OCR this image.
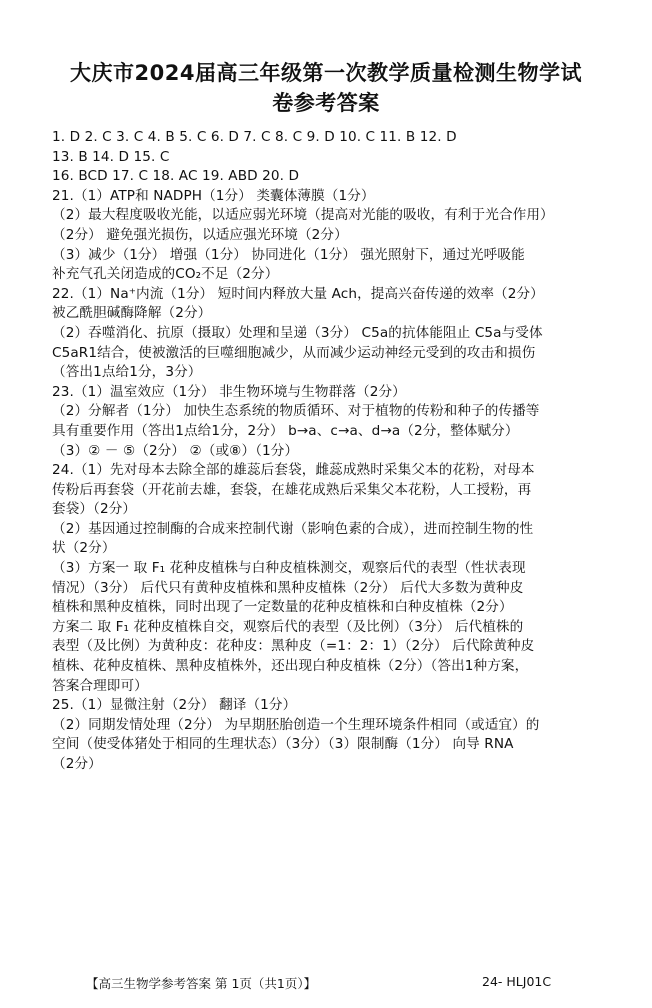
大庆市2024届高三年级第一次教学质量检测生物学试
卷参考答案
1. D 2. C 3. C 4. B 5. C 6. D 7. C 8. C 9. D 10. C 11. B 12. D
13. B 14. D 15. C
16. BCD 17. C 18. AC 19. ABD 20. D
21.（1）ATP和 NADPH（1分） 类囊体薄膜（1分）
（2）最大程度吸收光能，以适应弱光环境（提高对光能的吸收，有利于光合作用）
（2分） 避免强光损伤，以适应强光环境（2分）
（3）减少（1分） 增强（1分） 协同进化（1分） 强光照射下，通过光呼吸能
补充气孔关闭造成的CO₂不足（2分）
22.（1）Na⁺内流（1分） 短时间内释放大量 Ach，提高兴奋传递的效率（2分）
被乙酰胆碱酶降解（2分）
（2）吞噬消化、抗原（摄取）处理和呈递（3分） C5a的抗体能阻止 C5a与受体
C5aR1结合，使被激活的巨噬细胞减少，从而减少运动神经元受到的攻击和损伤
（答出1点给1分，3分）
23.（1）温室效应（1分） 非生物环境与生物群落（2分）
（2）分解者（1分） 加快生态系统的物质循环、对于植物的传粉和种子的传播等
具有重要作用（答出1点给1分，2分） b→a、c→a、d→a（2分，整体赋分）
（3）② － ⑤（2分） ②（或⑧）（1分）
24.（1）先对母本去除全部的雄蕊后套袋，雌蕊成熟时采集父本的花粉，对母本
传粉后再套袋（开花前去雄，套袋，在雄花成熟后采集父本花粉，人工授粉，再
套袋）（2分）
（2）基因通过控制酶的合成来控制代谢（影响色素的合成），进而控制生物的性
状（2分）
（3）方案一 取 F₁ 花种皮植株与白种皮植株测交，观察后代的表型（性状表现
情况）（3分） 后代只有黄种皮植株和黑种皮植株（2分） 后代大多数为黄种皮
植株和黑种皮植株，同时出现了一定数量的花种皮植株和白种皮植株（2分）
方案二 取 F₁ 花种皮植株自交，观察后代的表型（及比例）（3分） 后代植株的
表型（及比例）为黄种皮：花种皮：黑种皮（=1：2：1）（2分） 后代除黄种皮
植株、花种皮植株、黑种皮植株外，还出现白种皮植株（2分）（答出1种方案，
答案合理即可）
25.（1）显微注射（2分） 翻译（1分）
（2）同期发情处理（2分） 为早期胚胎创造一个生理环境条件相同（或适宜）的
空间（使受体猪处于相同的生理状态）（3分）（3）限制酶（1分） 向导 RNA
（2分）
【高三生物学参考答案 第 1页（共1页）】	24- HLJ01C
